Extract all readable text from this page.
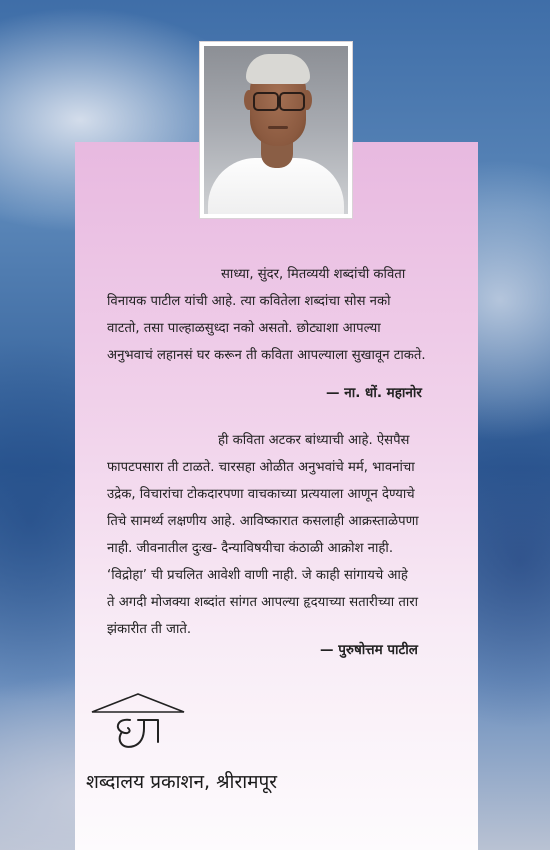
साध्या, सुंदर, मितव्ययी शब्दांची कविता
विनायक पाटील यांची आहे. त्या कवितेला शब्दांचा सोस नको
वाटतो, तसा पाल्हाळसुध्दा नको असतो. छोट्याशा आपल्या
अनुभवाचं लहानसं घर करून ती कविता आपल्याला सुखावून टाकते.
— ना. धों. महानोर
ही कविता अटकर बांध्याची आहे. ऐसपैस
फापटपसारा ती टाळते. चारसहा ओळीत अनुभवांचे मर्म, भावनांचा
उद्रेक, विचारांचा टोकदारपणा वाचकाच्या प्रत्ययाला आणून देण्याचे
तिचे सामर्थ्य लक्षणीय आहे. आविष्कारात कसलाही आक्रस्ताळेपणा
नाही. जीवनातील दुःख- दैन्याविषयीचा कंठाळी आक्रोश नाही.
‘विद्रोहा’ ची प्रचलित आवेशी वाणी नाही. जे काही सांगायचे आहे
ते अगदी मोजक्या शब्दांत सांगत आपल्या हृदयाच्या सतारीच्या तारा
झंकारीत ती जाते.
— पुरुषोत्तम पाटील
शब्दालय प्रकाशन, श्रीरामपूर
